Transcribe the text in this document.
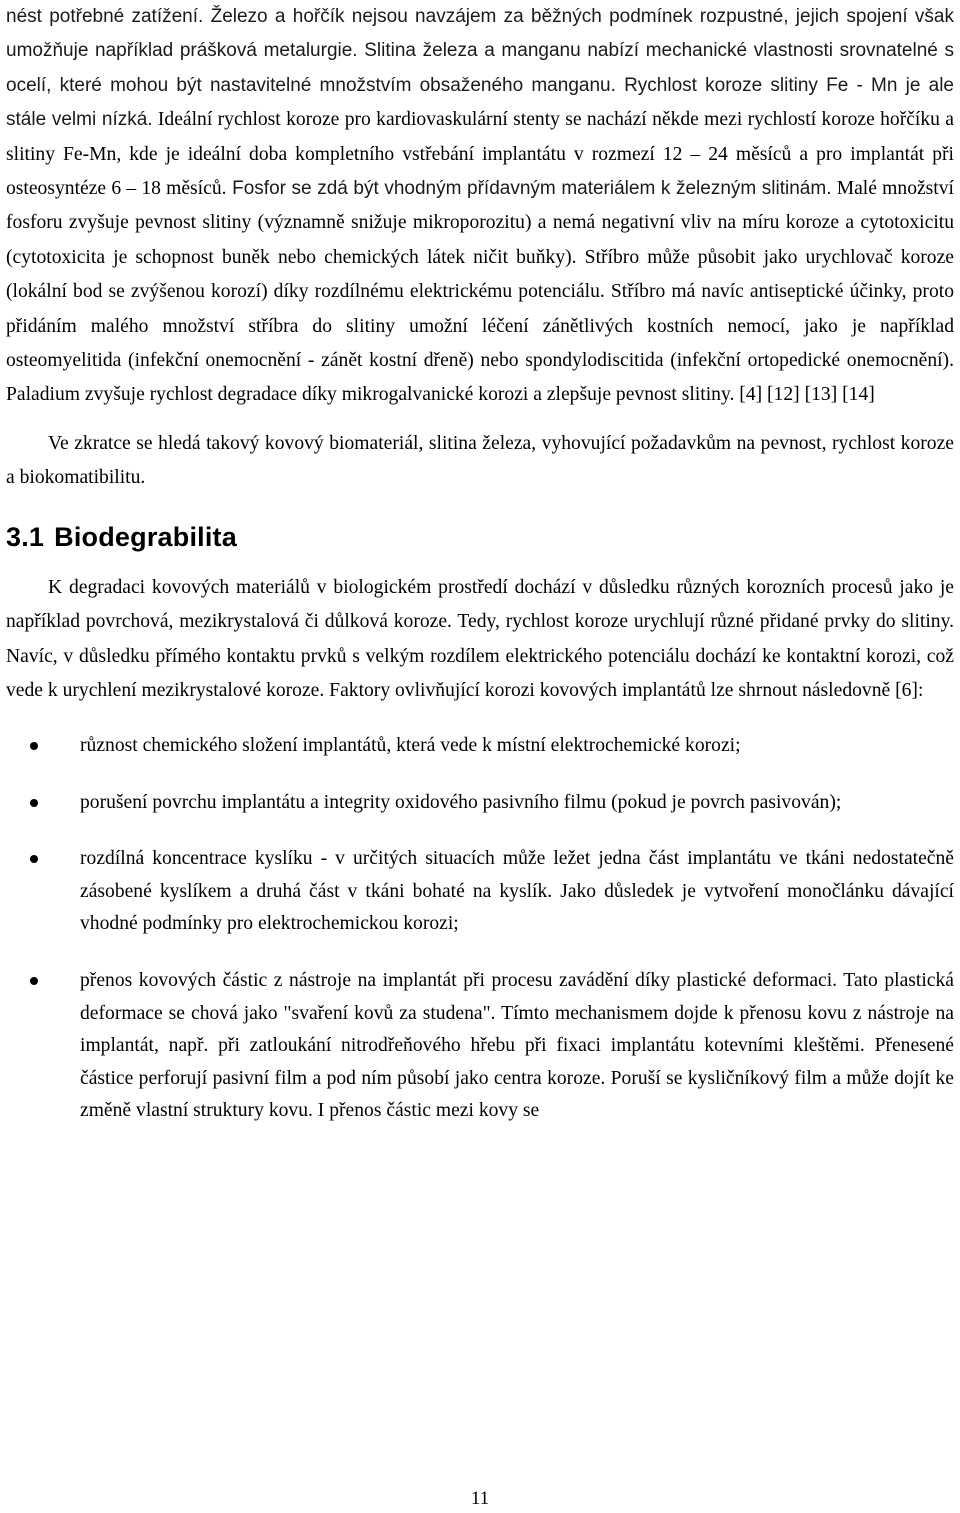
nést potřebné zatížení. Železo a hořčík nejsou navzájem za běžných podmínek rozpustné, jejich spojení však umožňuje například prášková metalurgie. Slitina železa a manganu nabízí mechanické vlastnosti srovnatelné s ocelí, které mohou být nastavitelné množstvím obsaženého manganu. Rychlost koroze slitiny Fe - Mn je ale stále velmi nízká. Ideální rychlost koroze pro kardiovaskulární stenty se nachází někde mezi rychlostí koroze hořčíku a slitiny Fe-Mn, kde je ideální doba kompletního vstřebání implantátu v rozmezí 12 – 24 měsíců a pro implantát při osteosyntéze 6 – 18 měsíců. Fosfor se zdá být vhodným přídavným materiálem k železným slitinám. Malé množství fosforu zvyšuje pevnost slitiny (významně snižuje mikroporozitu) a nemá negativní vliv na míru koroze a cytotoxicitu (cytotoxicita je schopnost buněk nebo chemických látek ničit buňky). Stříbro může působit jako urychlovač koroze (lokální bod se zvýšenou korozí) díky rozdílnému elektrickému potenciálu. Stříbro má navíc antiseptické účinky, proto přidáním malého množství stříbra do slitiny umožní léčení zánětlivých kostních nemocí, jako je například osteomyelitida (infekční onemocnění - zánět kostní dřeně) nebo spondylodiscitida (infekční ortopedické onemocnění). Paladium zvyšuje rychlost degradace díky mikrogalvanické korozi a zlepšuje pevnost slitiny. [4] [12] [13] [14]

Ve zkratce se hledá takový kovový biomateriál, slitina železa, vyhovující požadavkům na pevnost, rychlost koroze a biokomatibilitu.

3.1 Biodegrabilita

K degradaci kovových materiálů v biologickém prostředí dochází v důsledku různých korozních procesů jako je například povrchová, mezikrystalová či důlková koroze. Tedy, rychlost koroze urychlují různé přidané prvky do slitiny. Navíc, v důsledku přímého kontaktu prvků s velkým rozdílem elektrického potenciálu dochází ke kontaktní korozi, což vede k urychlení mezikrystalové koroze. Faktory ovlivňující korozi kovových implantátů lze shrnout následovně [6]:

různost chemického složení implantátů, která vede k místní elektrochemické korozi;
porušení povrchu implantátu a integrity oxidového pasivního filmu (pokud je povrch pasivován);
rozdílná koncentrace kyslíku - v určitých situacích může ležet jedna část implantátu ve tkáni nedostatečně zásobené kyslíkem a druhá část v tkáni bohaté na kyslík. Jako důsledek je vytvoření monočlánku dávající vhodné podmínky pro elektrochemickou korozi;
přenos kovových částic z nástroje na implantát při procesu zavádění díky plastické deformaci. Tato plastická deformace se chová jako "svaření kovů za studena". Tímto mechanismem dojde k přenosu kovu z nástroje na implantát, např. při zatloukání nitrodřeňového hřebu při fixaci implantátu kotevními kleštěmi. Přenesené částice perforují pasivní film a pod ním působí jako centra koroze. Poruší se kysličníkový film a může dojít ke změně vlastní struktury kovu. I přenos částic mezi kovy se
11
